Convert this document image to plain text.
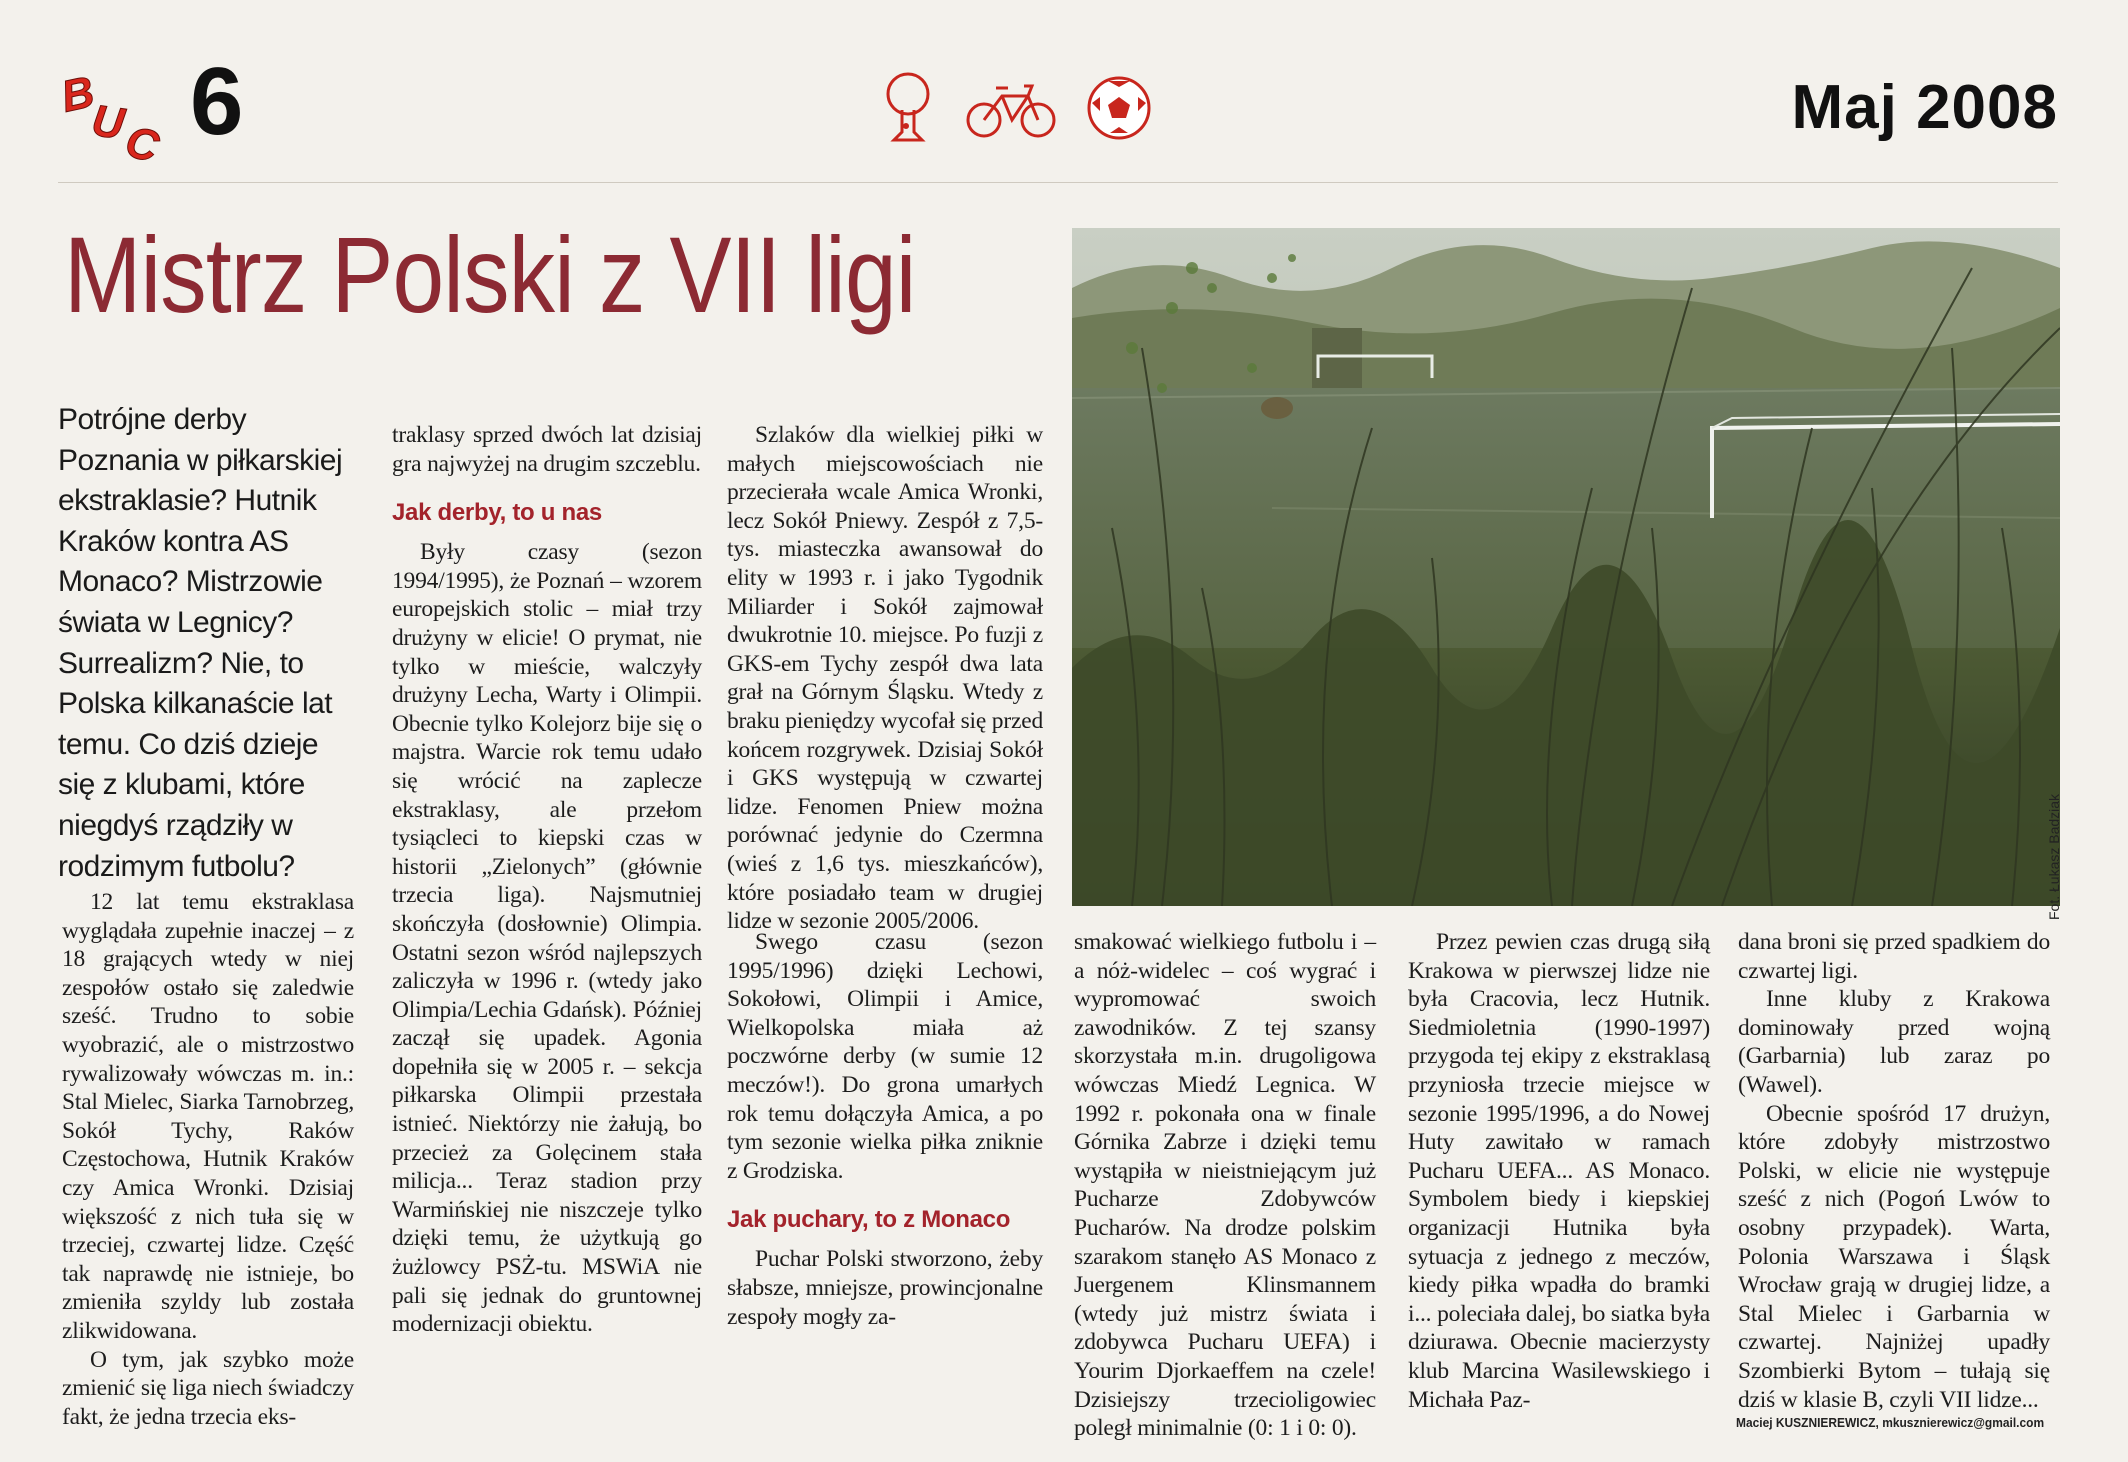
B
U
C 6	Maj 2008
Mistrz Polski z VII ligi
Fot. Łukasz Badziak
Potrójne derby Poznania w piłkarskiej ekstraklasie? Hutnik Kraków kontra AS Monaco? Mistrzowie świata w Legnicy? Surrealizm? Nie, to Polska kilkanaście lat temu. Co dziś dzieje się z klubami, które niegdyś rządziły w rodzimym futbolu?

12 lat temu ekstraklasa wyglądała zupełnie inaczej – z 18 grających wtedy w niej zespołów ostało się zaledwie sześć. Trudno to sobie wyobrazić, ale o mistrzostwo rywalizowały wówczas m. in.: Stal Mielec, Siarka Tarnobrzeg, Sokół Tychy, Raków Częstochowa, Hutnik Kraków czy Amica Wronki. Dzisiaj większość z nich tuła się w trzeciej, czwartej lidze. Część tak naprawdę nie istnieje, bo zmieniła szyldy lub została zlikwidowana.

O tym, jak szybko może zmienić się liga niech świadczy fakt, że jedna trzecia eks-

traklasy sprzed dwóch lat dzisiaj gra najwyżej na drugim szczeblu.

Jak derby, to u nas

Były czasy (sezon 1994/1995), że Poznań – wzorem europejskich stolic – miał trzy drużyny w elicie! O prymat, nie tylko w mieście, walczyły drużyny Lecha, Warty i Olimpii. Obecnie tylko Kolejorz bije się o majstra. Warcie rok temu udało się wrócić na zaplecze ekstraklasy, ale przełom tysiącleci to kiepski czas w historii „Zielonych” (głównie trzecia liga). Najsmutniej skończyła (dosłownie) Olimpia. Ostatni sezon wśród najlepszych zaliczyła w 1996 r. (wtedy jako Olimpia/Lechia Gdańsk). Później zaczął się upadek. Agonia dopełniła się w 2005 r. – sekcja piłkarska Olimpii przestała istnieć. Niektórzy nie żałują, bo przecież za Golęcinem stała milicja... Teraz stadion przy Warmińskiej nie niszczeje tylko dzięki temu, że użytkują go żużlowcy PSŻ-tu. MSWiA nie pali się jednak do gruntownej modernizacji obiektu.

Szlaków dla wielkiej piłki w małych miejscowościach nie przecierała wcale Amica Wronki, lecz Sokół Pniewy. Zespół z 7,5-tys. miasteczka awansował do elity w 1993 r. i jako Tygodnik Miliarder i Sokół zajmował dwukrotnie 10. miejsce. Po fuzji z GKS-em Tychy zespół dwa lata grał na Górnym Śląsku. Wtedy z braku pieniędzy wycofał się przed końcem rozgrywek. Dzisiaj Sokół i GKS występują w czwartej lidze. Fenomen Pniew można porównać jedynie do Czermna (wieś z 1,6 tys. mieszkańców), które posiadało team w drugiej lidze w sezonie 2005/2006.

Swego czasu (sezon 1995/1996) dzięki Lechowi, Sokołowi, Olimpii i Amice, Wielkopolska miała aż poczwórne derby (w sumie 12 meczów!). Do grona umarłych rok temu dołączyła Amica, a po tym sezonie wielka piłka zniknie z Grodziska.

Jak puchary, to z Monaco

Puchar Polski stworzono, żeby słabsze, mniejsze, prowincjonalne zespoły mogły za-

smakować wielkiego futbolu i – a nóż-widelec – coś wygrać i wypromować swoich zawodników. Z tej szansy skorzystała m.in. drugoligowa wówczas Miedź Legnica. W 1992 r. pokonała ona w finale Górnika Zabrze i dzięki temu wystąpiła w nieistniejącym już Pucharze Zdobywców Pucharów. Na drodze polskim szarakom stanęło AS Monaco z Juergenem Klinsmannem (wtedy już mistrz świata i zdobywca Pucharu UEFA) i Yourim Djorkaeffem na czele! Dzisiejszy trzecioligowiec poległ minimalnie (0: 1 i 0: 0).

Przez pewien czas drugą siłą Krakowa w pierwszej lidze nie była Cracovia, lecz Hutnik. Siedmioletnia (1990-1997) przygoda tej ekipy z ekstraklasą przyniosła trzecie miejsce w sezonie 1995/1996, a do Nowej Huty zawitało w ramach Pucharu UEFA... AS Monaco. Symbolem biedy i kiepskiej organizacji Hutnika była sytuacja z jednego z meczów, kiedy piłka wpadła do bramki i... poleciała dalej, bo siatka była dziurawa. Obecnie macierzysty klub Marcina Wasilewskiego i Michała Paz-

dana broni się przed spadkiem do czwartej ligi.

Inne kluby z Krakowa dominowały przed wojną (Garbarnia) lub zaraz po (Wawel).

Obecnie spośród 17 drużyn, które zdobyły mistrzostwo Polski, w elicie nie występuje sześć z nich (Pogoń Lwów to osobny przypadek). Warta, Polonia Warszawa i Śląsk Wrocław grają w drugiej lidze, a Stal Mielec i Garbarnia w czwartej. Najniżej upadły Szombierki Bytom – tułają się dziś w klasie B, czyli VII lidze...

Maciej KUSZNIEREWICZ, mkusznierewicz@gmail.com
